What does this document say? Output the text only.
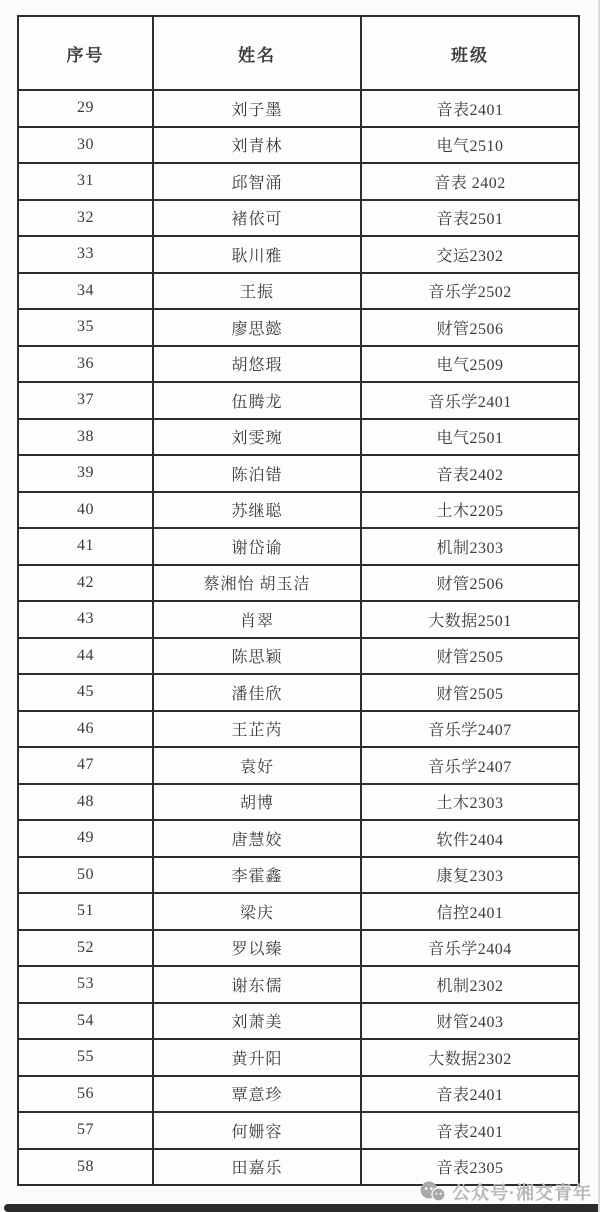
序号	姓名	班级
29	刘子墨	音表2401
30	刘青林	电气2510
31	邱智涌	音表 2402
32	褚依可	音表2501
33	耿川雅	交运2302
34	王振	音乐学2502
35	廖思懿	财管2506
36	胡悠瑕	电气2509
37	伍腾龙	音乐学2401
38	刘雯琬	电气2501
39	陈泊错	音表2402
40	苏继聪	土木2205
41	谢岱谕	机制2303
42	蔡湘怡 胡玉洁	财管2506
43	肖翠	大数据2501
44	陈思颖	财管2505
45	潘佳欣	财管2505
46	王芷芮	音乐学2407
47	袁好	音乐学2407
48	胡博	土木2303
49	唐慧姣	软件2404
50	李霍鑫	康复2303
51	梁庆	信控2401
52	罗以臻	音乐学2404
53	谢东儒	机制2302
54	刘萧美	财管2403
55	黄升阳	大数据2302
56	覃意珍	音表2401
57	何姗容	音表2401
58	田嘉乐	音表2305
公众号·湘交青年
